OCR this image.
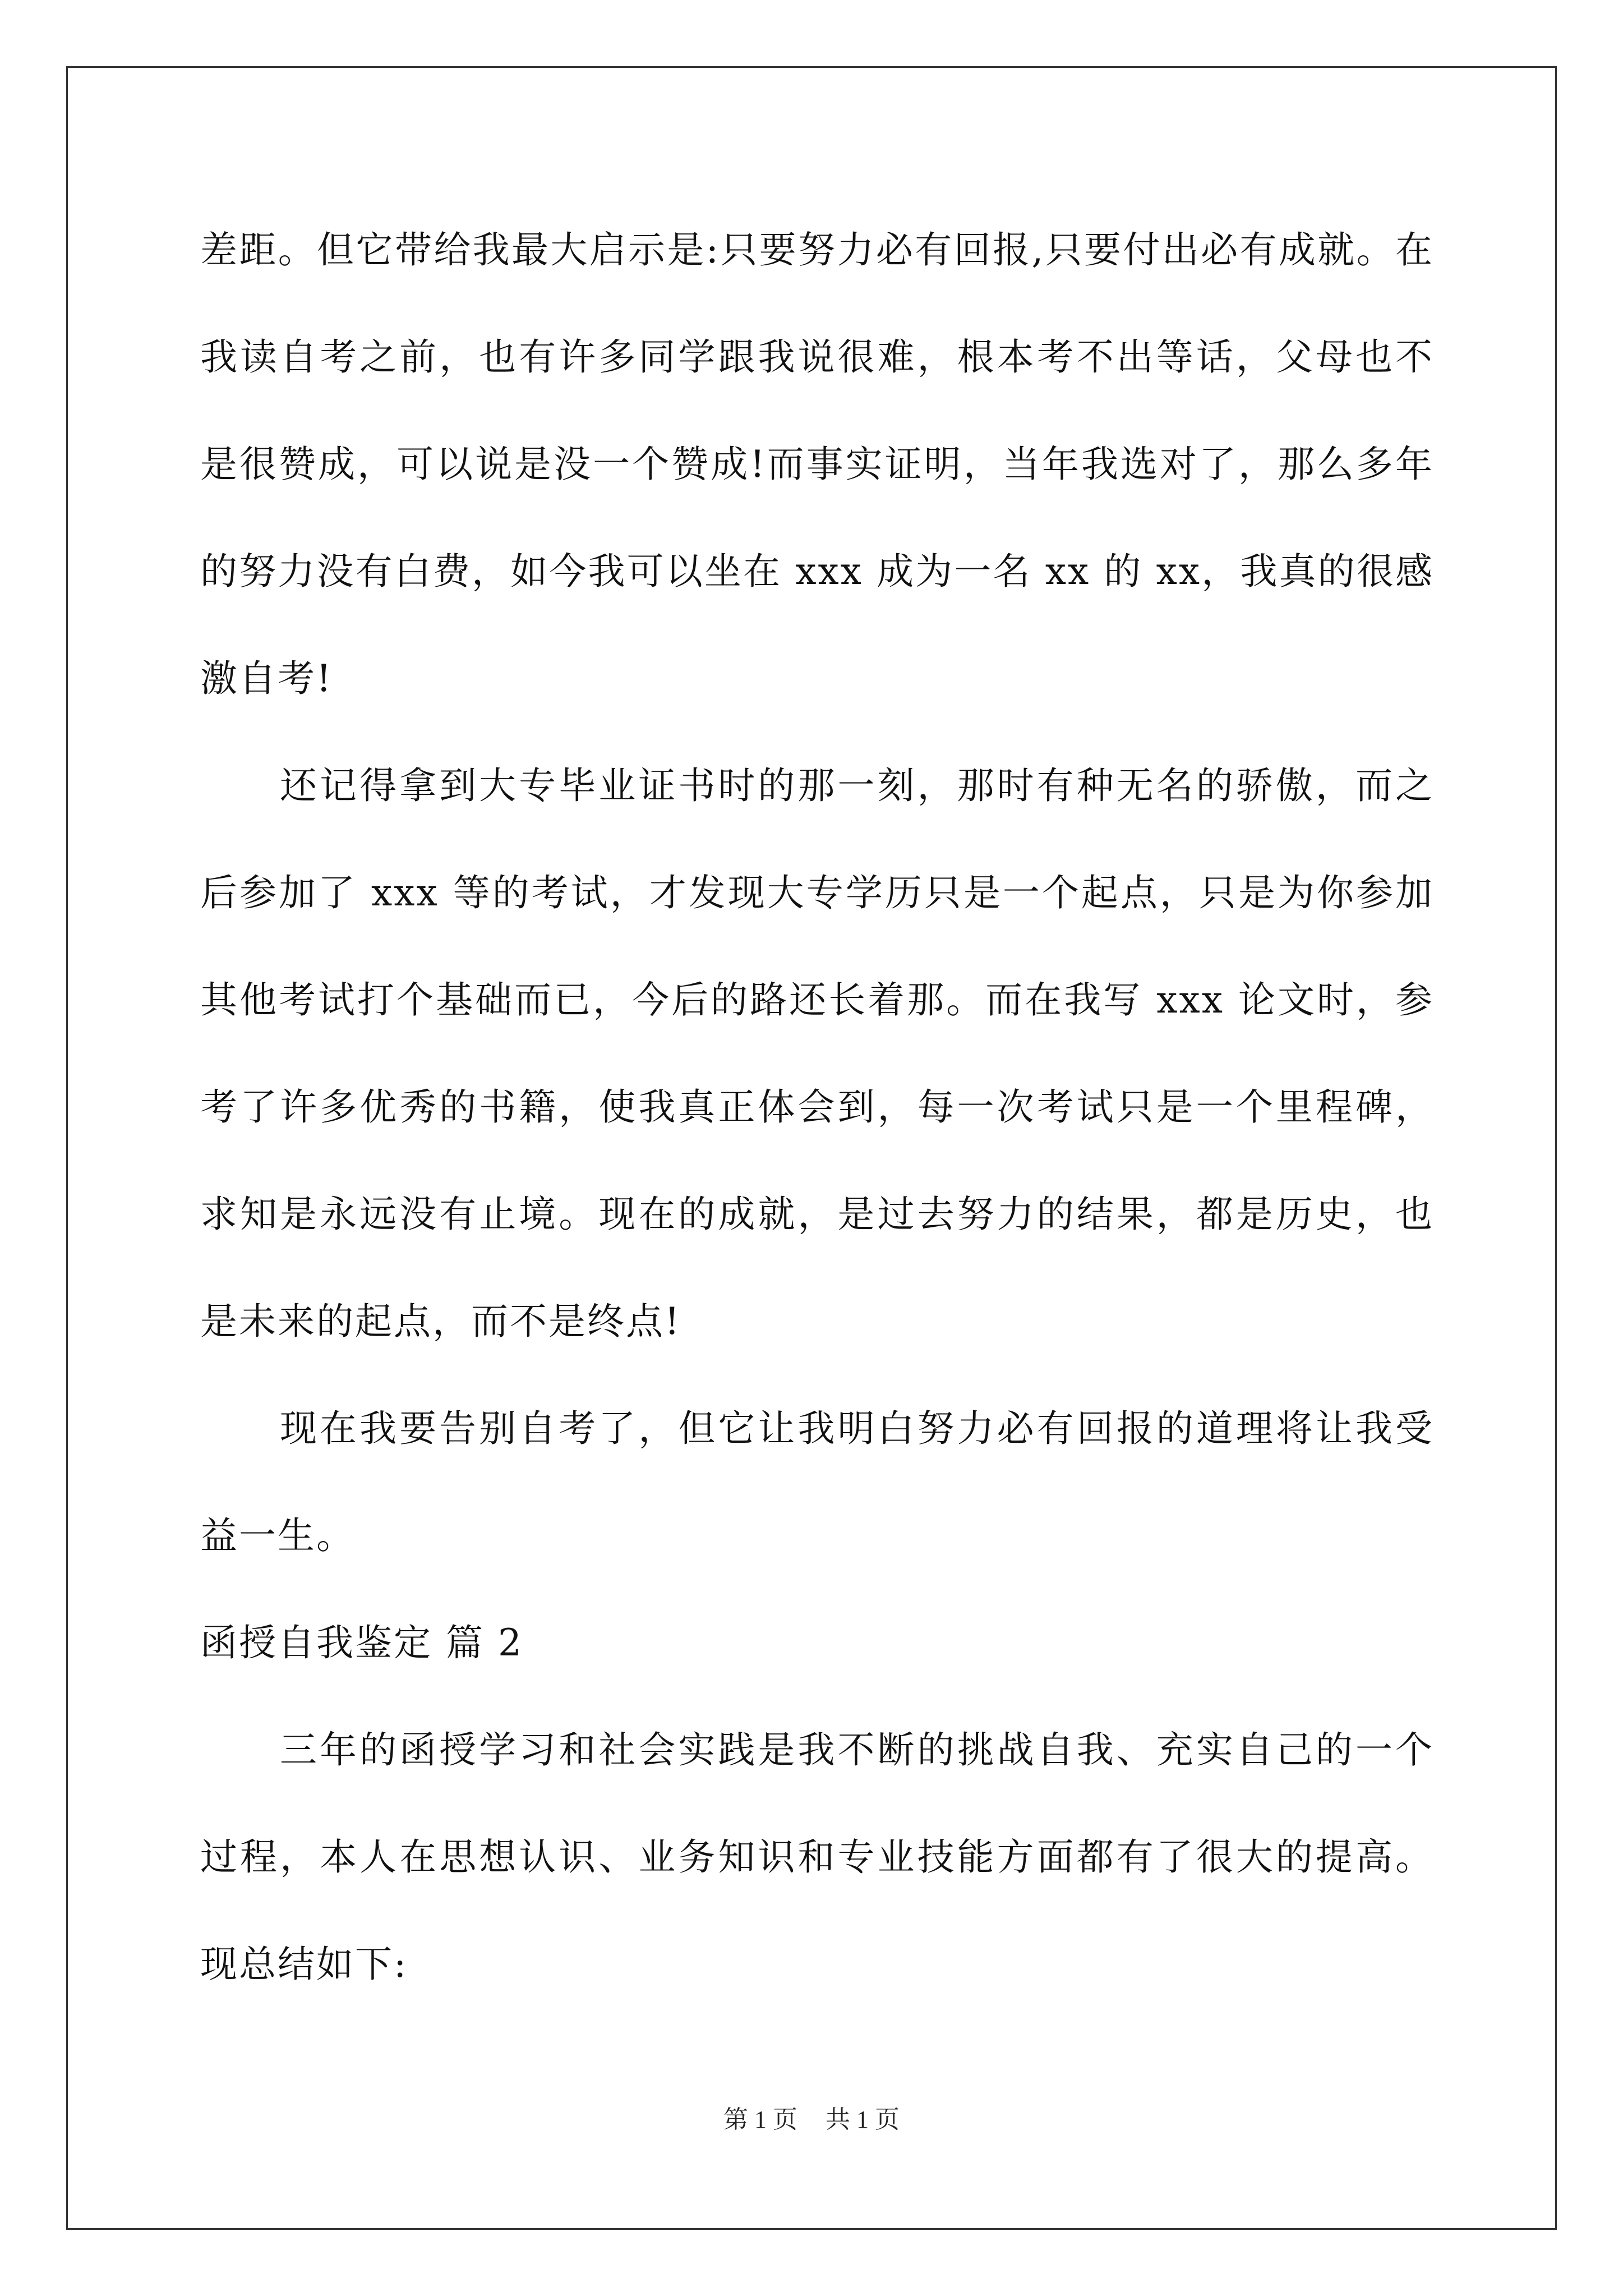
差距。但它带给我最大启示是:只要努力必有回报,只要付出必有成就。在我读自考之前，也有许多同学跟我说很难，根本考不出等话，父母也不是很赞成，可以说是没一个赞成!而事实证明，当年我选对了，那么多年的努力没有白费，如今我可以坐在 xxx 成为一名 xx 的 xx，我真的很感激自考!

还记得拿到大专毕业证书时的那一刻，那时有种无名的骄傲，而之后参加了 xxx 等的考试，才发现大专学历只是一个起点，只是为你参加其他考试打个基础而已，今后的路还长着那。而在我写 xxx 论文时，参考了许多优秀的书籍，使我真正体会到，每一次考试只是一个里程碑，求知是永远没有止境。现在的成就，是过去努力的结果，都是历史，也是未来的起点，而不是终点!

现在我要告别自考了，但它让我明白努力必有回报的道理将让我受益一生。

函授自我鉴定 篇 2

三年的函授学习和社会实践是我不断的挑战自我、充实自己的一个过程，本人在思想认识、业务知识和专业技能方面都有了很大的提高。现总结如下:

第 1 页 共 1 页
